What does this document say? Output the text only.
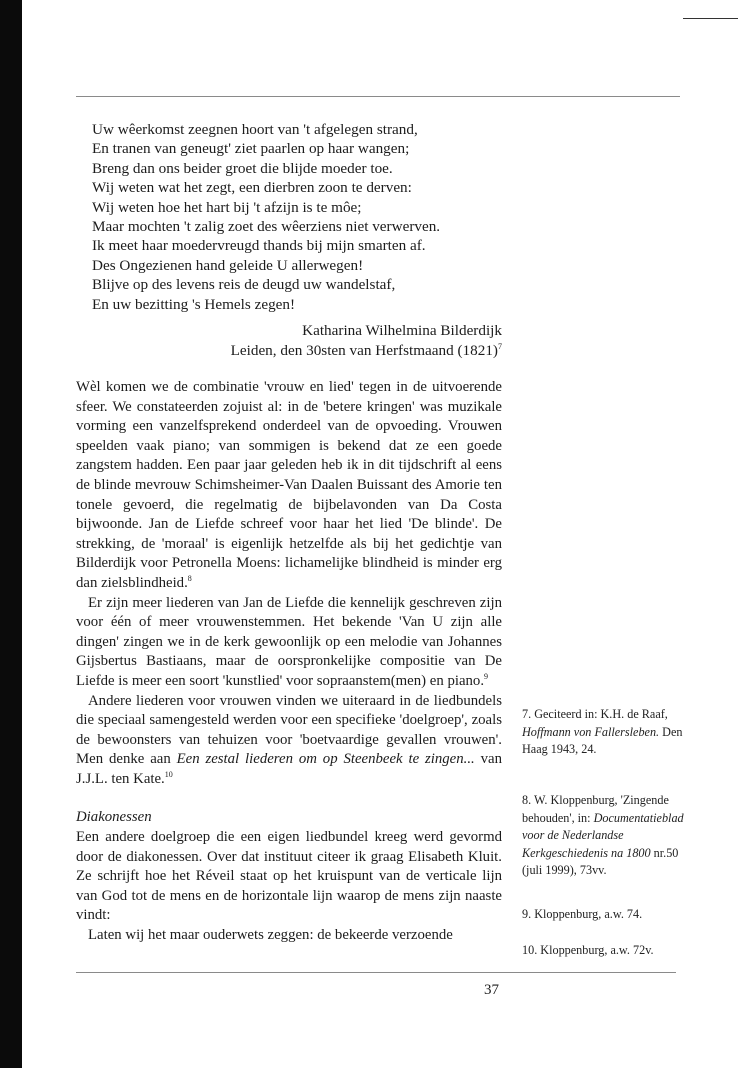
Uw wêerkomst zeegnen hoort van 't afgelegen strand,
En tranen van geneugt' ziet paarlen op haar wangen;
Breng dan ons beider groet die blijde moeder toe.
Wij weten wat het zegt, een dierbren zoon te derven:
Wij weten hoe het hart bij 't afzijn is te môe;
Maar mochten 't zalig zoet des wêerziens niet verwerven.
Ik meet haar moedervreugd thands bij mijn smarten af.
Des Ongezienen hand geleide U allerwegen!
Blijve op des levens reis de deugd uw wandelstaf,
En uw bezitting 's Hemels zegen!
Katharina Wilhelmina Bilderdijk
Leiden, den 30sten van Herfstmaand $(1821)^7$

Wèl komen we de combinatie 'vrouw en lied' tegen in de uitvoerende sfeer. We constateerden zojuist al: in de 'betere kringen' was muzikale vorming een vanzelfsprekend onderdeel van de opvoeding. Vrouwen speelden vaak piano; van sommigen is bekend dat ze een goede zangstem hadden. Een paar jaar geleden heb ik in dit tijdschrift al eens de blinde mevrouw Schimsheimer-Van Daalen Buissant des Amorie ten tonele gevoerd, die regelmatig de bijbelavonden van Da Costa bijwoonde. Jan de Liefde schreef voor haar het lied 'De blinde'. De strekking, de 'moraal' is eigenlijk hetzelfde als bij het gedichtje van Bilderdijk voor Petronella Moens: lichamelijke blindheid is minder erg dan zielsblindheid.$^8$

Er zijn meer liederen van Jan de Liefde die kennelijk geschreven zijn voor één of meer vrouwenstemmen. Het bekende 'Van U zijn alle dingen' zingen we in de kerk gewoonlijk op een melodie van Johannes Gijsbertus Bastiaans, maar de oorspronkelijke compositie van De Liefde is meer een soort 'kunstlied' voor sopraanstem(men) en piano.$^9$

Andere liederen voor vrouwen vinden we uiteraard in de liedbundels die speciaal samengesteld werden voor een specifieke 'doelgroep', zoals de bewoonsters van tehuizen voor 'boetvaardige gevallen vrouwen'. Men denke aan Een zestal liederen om op Steenbeek te zingen... van J.J.L. ten Kate.$^{10}$

Diakonessen

Een andere doelgroep die een eigen liedbundel kreeg werd gevormd door de diakonessen. Over dat instituut citeer ik graag Elisabeth Kluit. Ze schrijft hoe het Réveil staat op het kruispunt van de verticale lijn van God tot de mens en de horizontale lijn waarop de mens zijn naaste vindt:

Laten wij het maar ouderwets zeggen: de bekeerde verzoende

7. Geciteerd in: K.H. de Raaf, Hoffmann von Fallersleben. Den Haag 1943, 24.
8. W. Kloppenburg, 'Zingende behouden', in: Documentatieblad voor de Nederlandse Kerkgeschiedenis na 1800 nr.50 (juli 1999), 73vv.
9. Kloppenburg, a.w. 74.
10. Kloppenburg, a.w. 72v.
37
